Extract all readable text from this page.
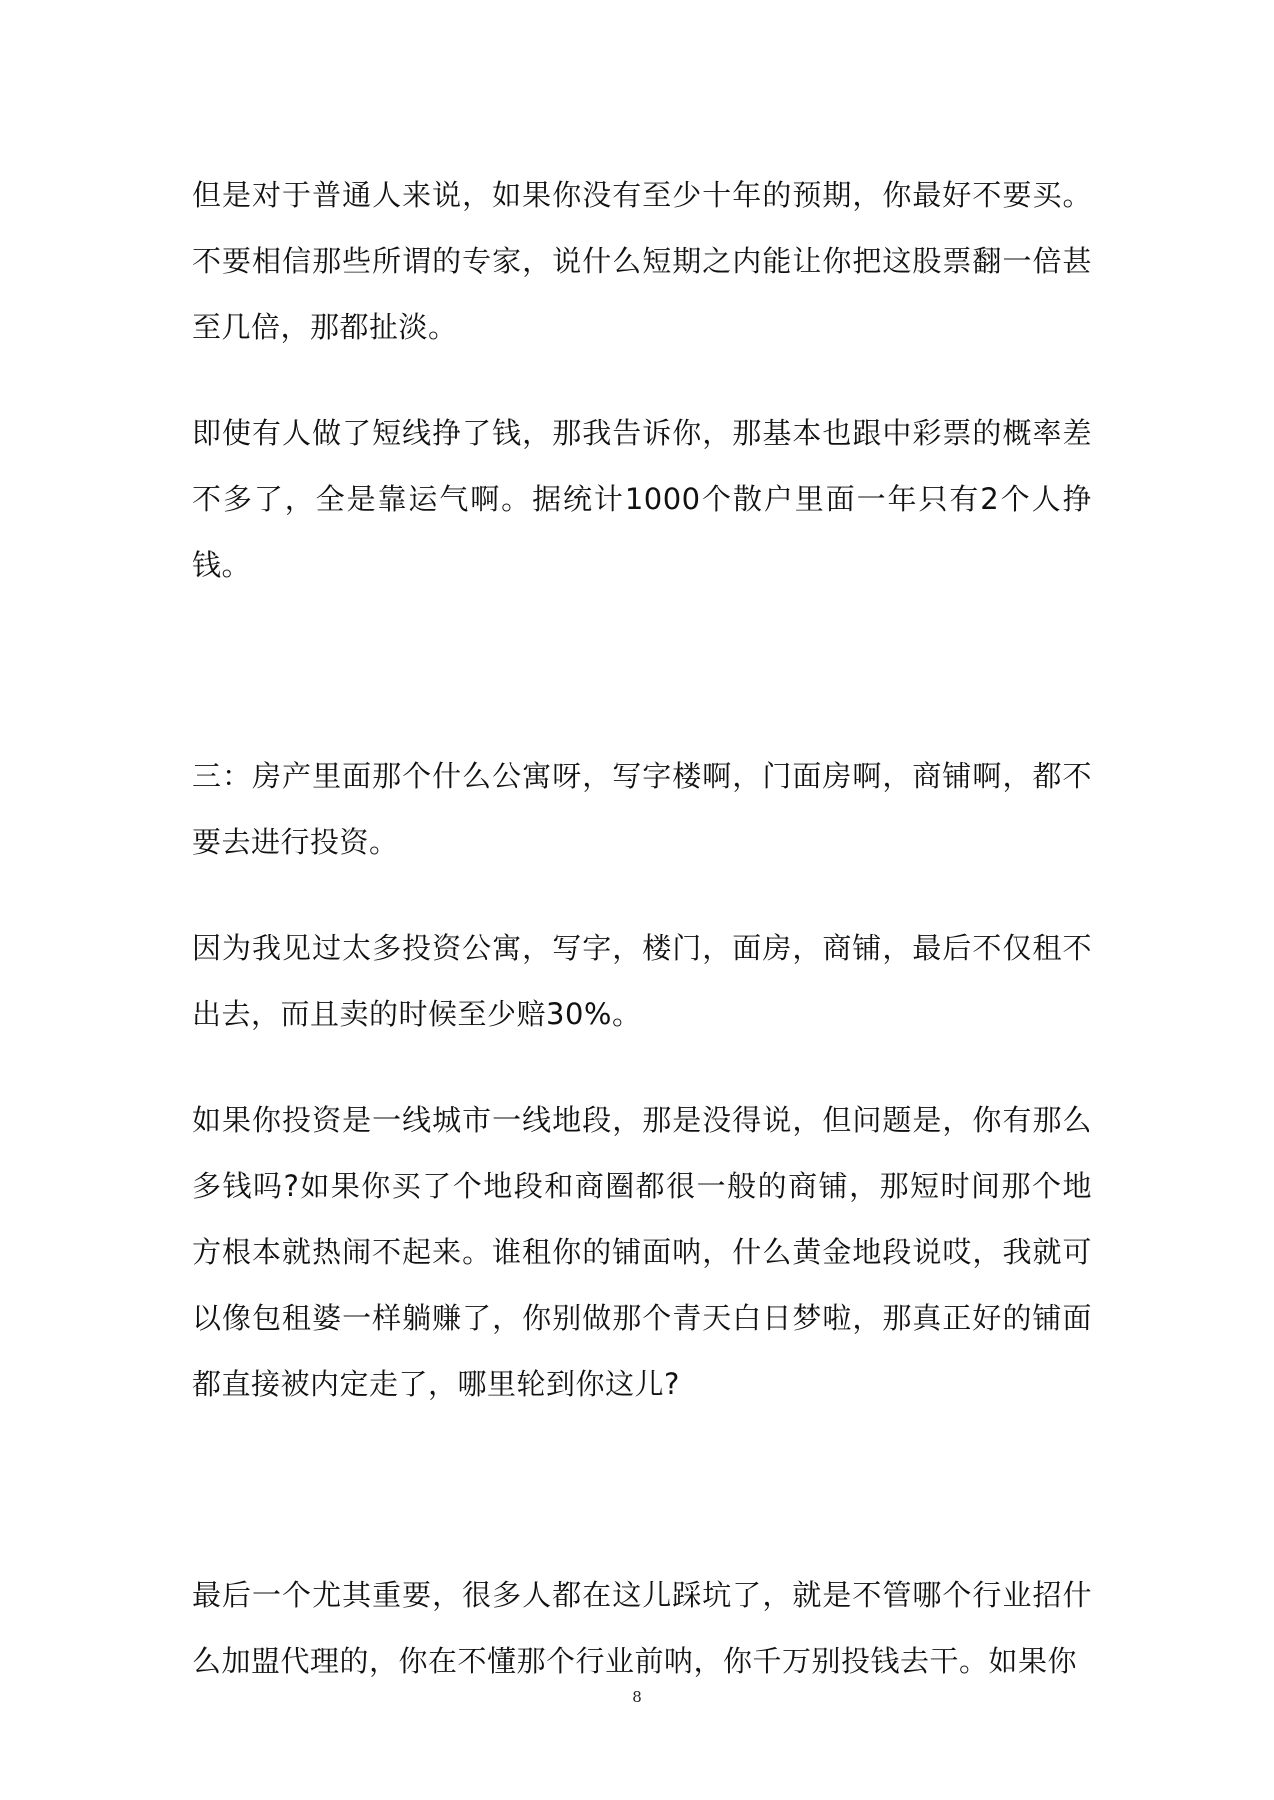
但是对于普通人来说，如果你没有至少十年的预期，你最好不要买。不要相信那些所谓的专家，说什么短期之内能让你把这股票翻一倍甚至几倍，那都扯淡。

即使有人做了短线挣了钱，那我告诉你，那基本也跟中彩票的概率差不多了，全是靠运气啊。据统计1000个散户里面一年只有2个人挣钱。

三：房产里面那个什么公寓呀，写字楼啊，门面房啊，商铺啊，都不要去进行投资。

因为我见过太多投资公寓，写字，楼门，面房，商铺，最后不仅租不出去，而且卖的时候至少赔30%。

如果你投资是一线城市一线地段，那是没得说，但问题是，你有那么多钱吗?如果你买了个地段和商圈都很一般的商铺，那短时间那个地方根本就热闹不起来。谁租你的铺面呐，什么黄金地段说哎，我就可以像包租婆一样躺赚了，你别做那个青天白日梦啦，那真正好的铺面都直接被内定走了，哪里轮到你这儿?

最后一个尤其重要，很多人都在这儿踩坑了，就是不管哪个行业招什么加盟代理的，你在不懂那个行业前呐，你千万别投钱去干。如果你

8
